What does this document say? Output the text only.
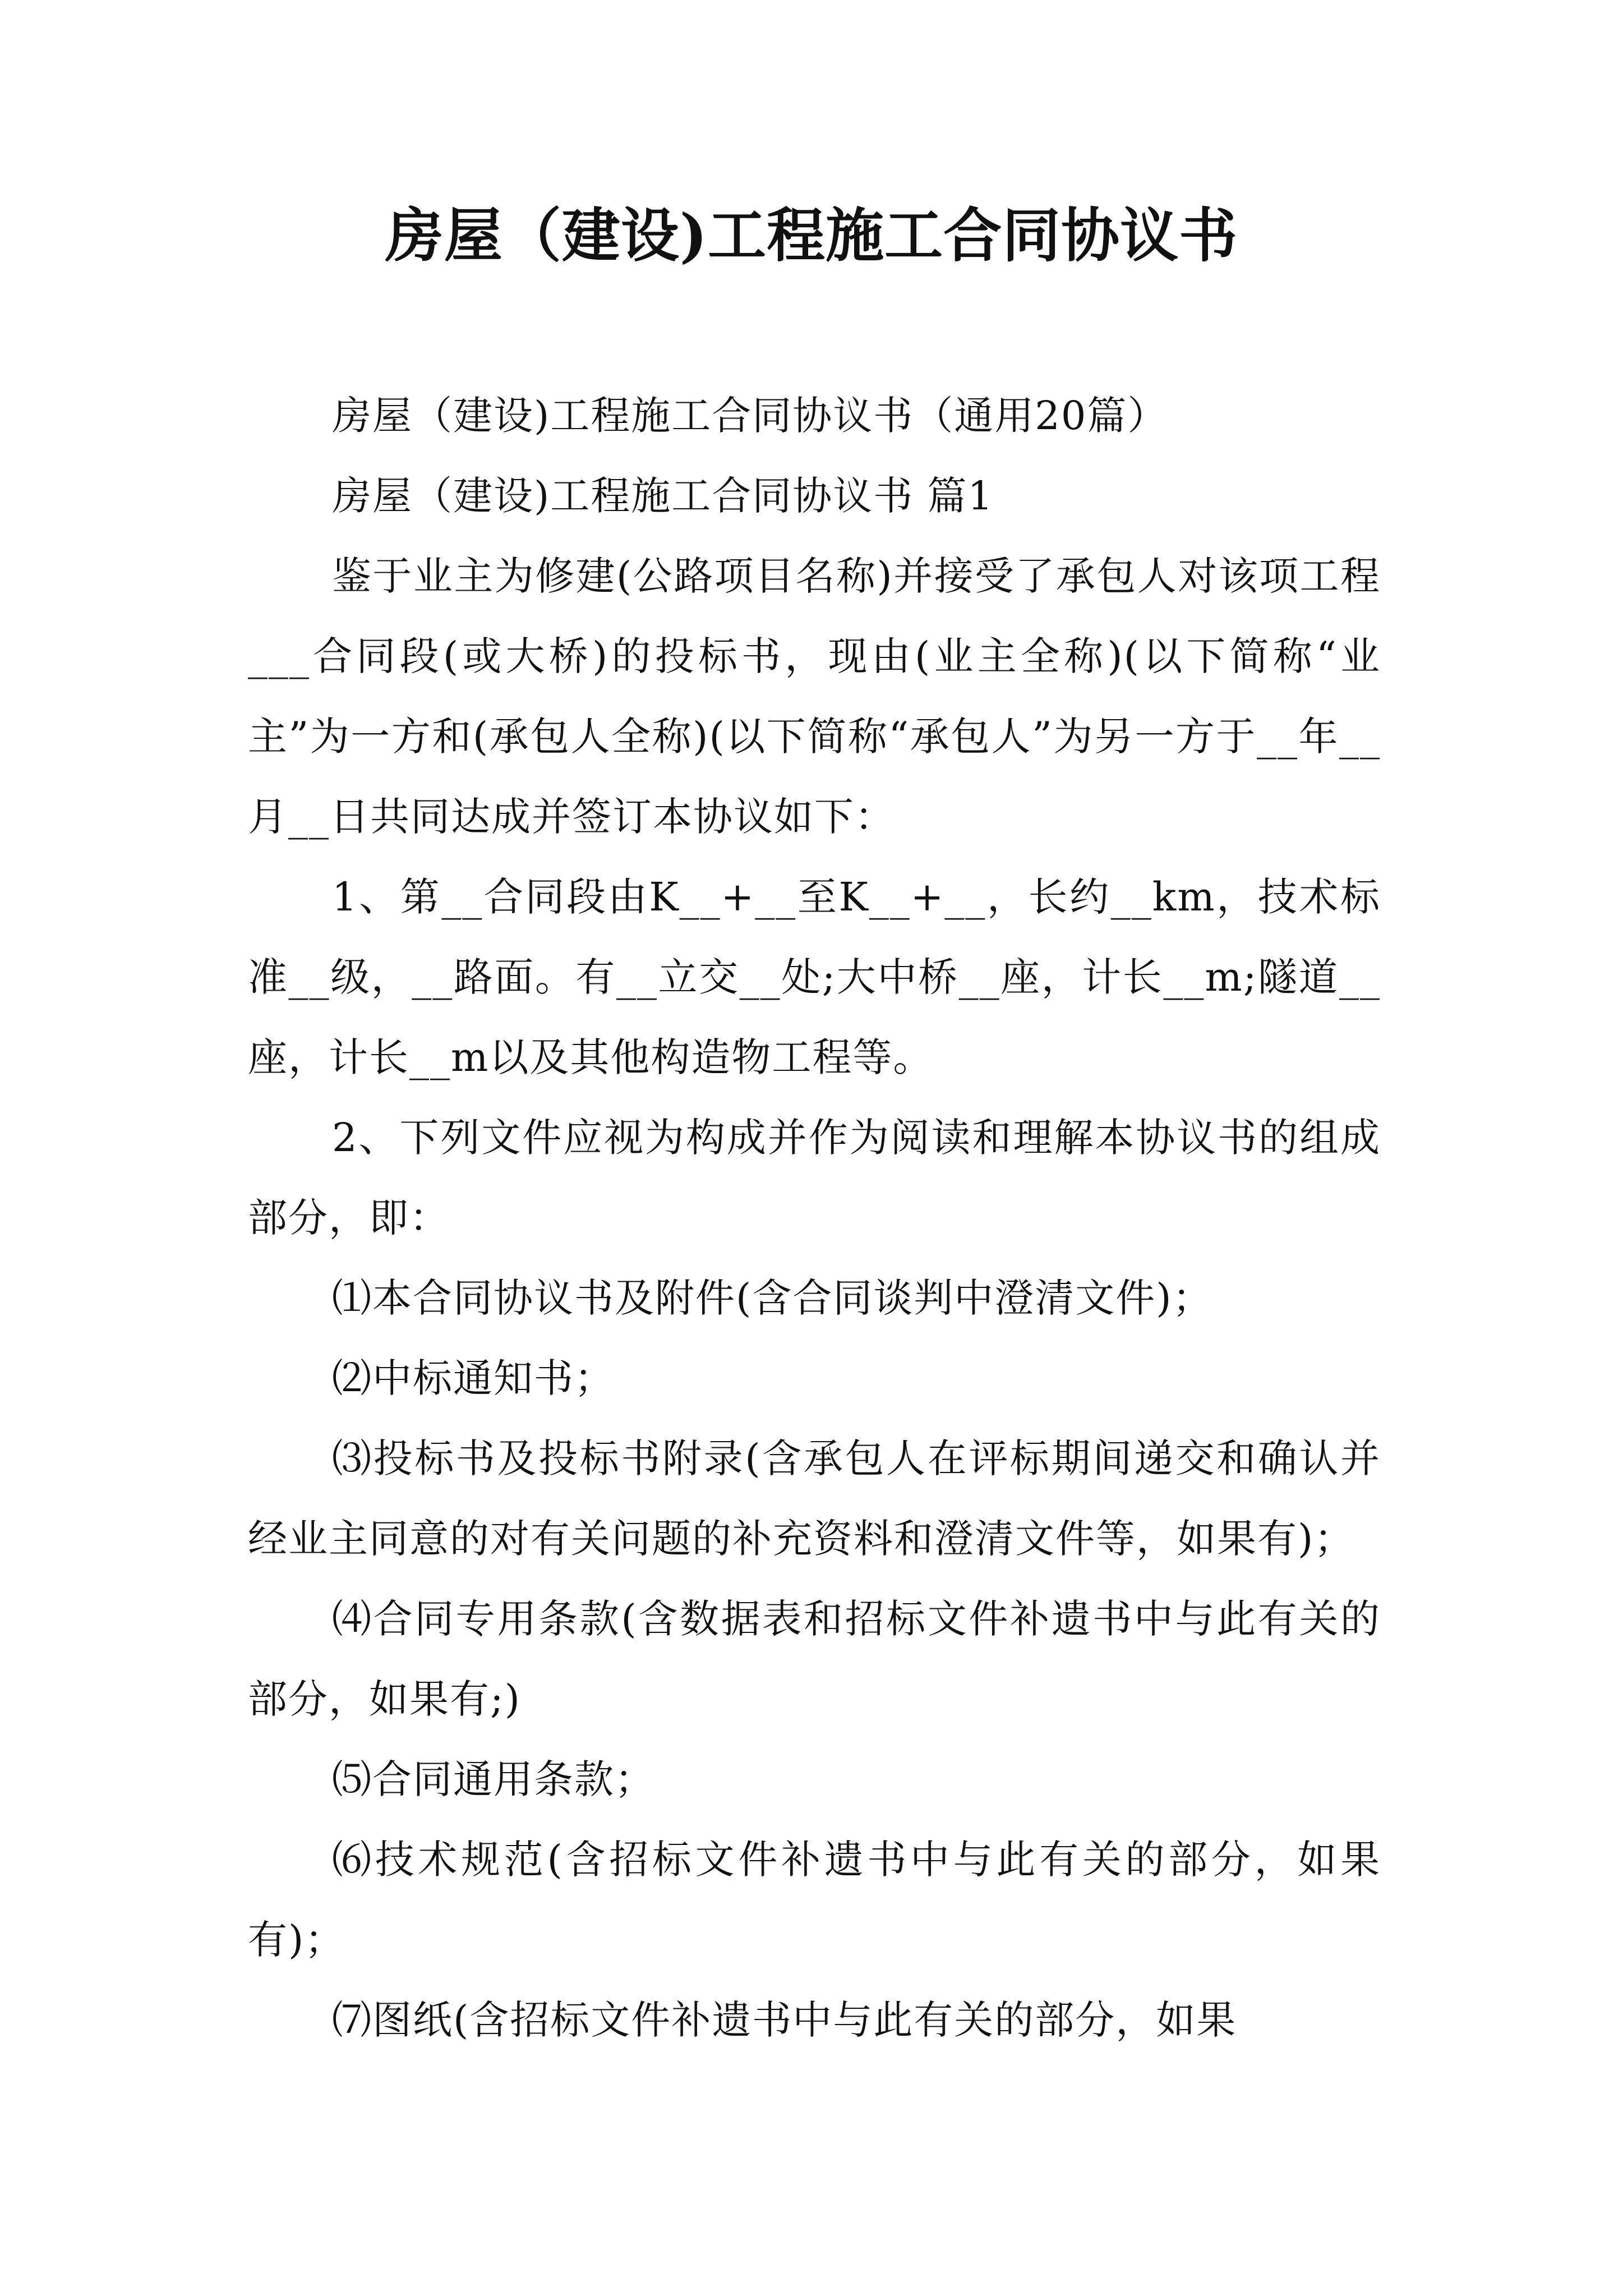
房屋（建设)工程施工合同协议书

房屋（建设)工程施工合同协议书（通用20篇）

房屋（建设)工程施工合同协议书 篇1

鉴于业主为修建(公路项目名称)并接受了承包人对该项工程___合同段(或大桥)的投标书，现由(业主全称)(以下简称“业主”为一方和(承包人全称)(以下简称“承包人”为另一方于__年__月__日共同达成并签订本协议如下：

1、第__合同段由K__+__至K__+__，长约__km，技术标准__级，__路面。有__立交__处;大中桥__座，计长__m;隧道__座，计长__m以及其他构造物工程等。

2、下列文件应视为构成并作为阅读和理解本协议书的组成部分，即：

⑴本合同协议书及附件(含合同谈判中澄清文件)；

⑵中标通知书；

⑶投标书及投标书附录(含承包人在评标期间递交和确认并经业主同意的对有关问题的补充资料和澄清文件等，如果有)；

⑷合同专用条款(含数据表和招标文件补遗书中与此有关的部分，如果有;)

⑸合同通用条款；

⑹技术规范(含招标文件补遗书中与此有关的部分，如果有)；

⑺图纸(含招标文件补遗书中与此有关的部分，如果
